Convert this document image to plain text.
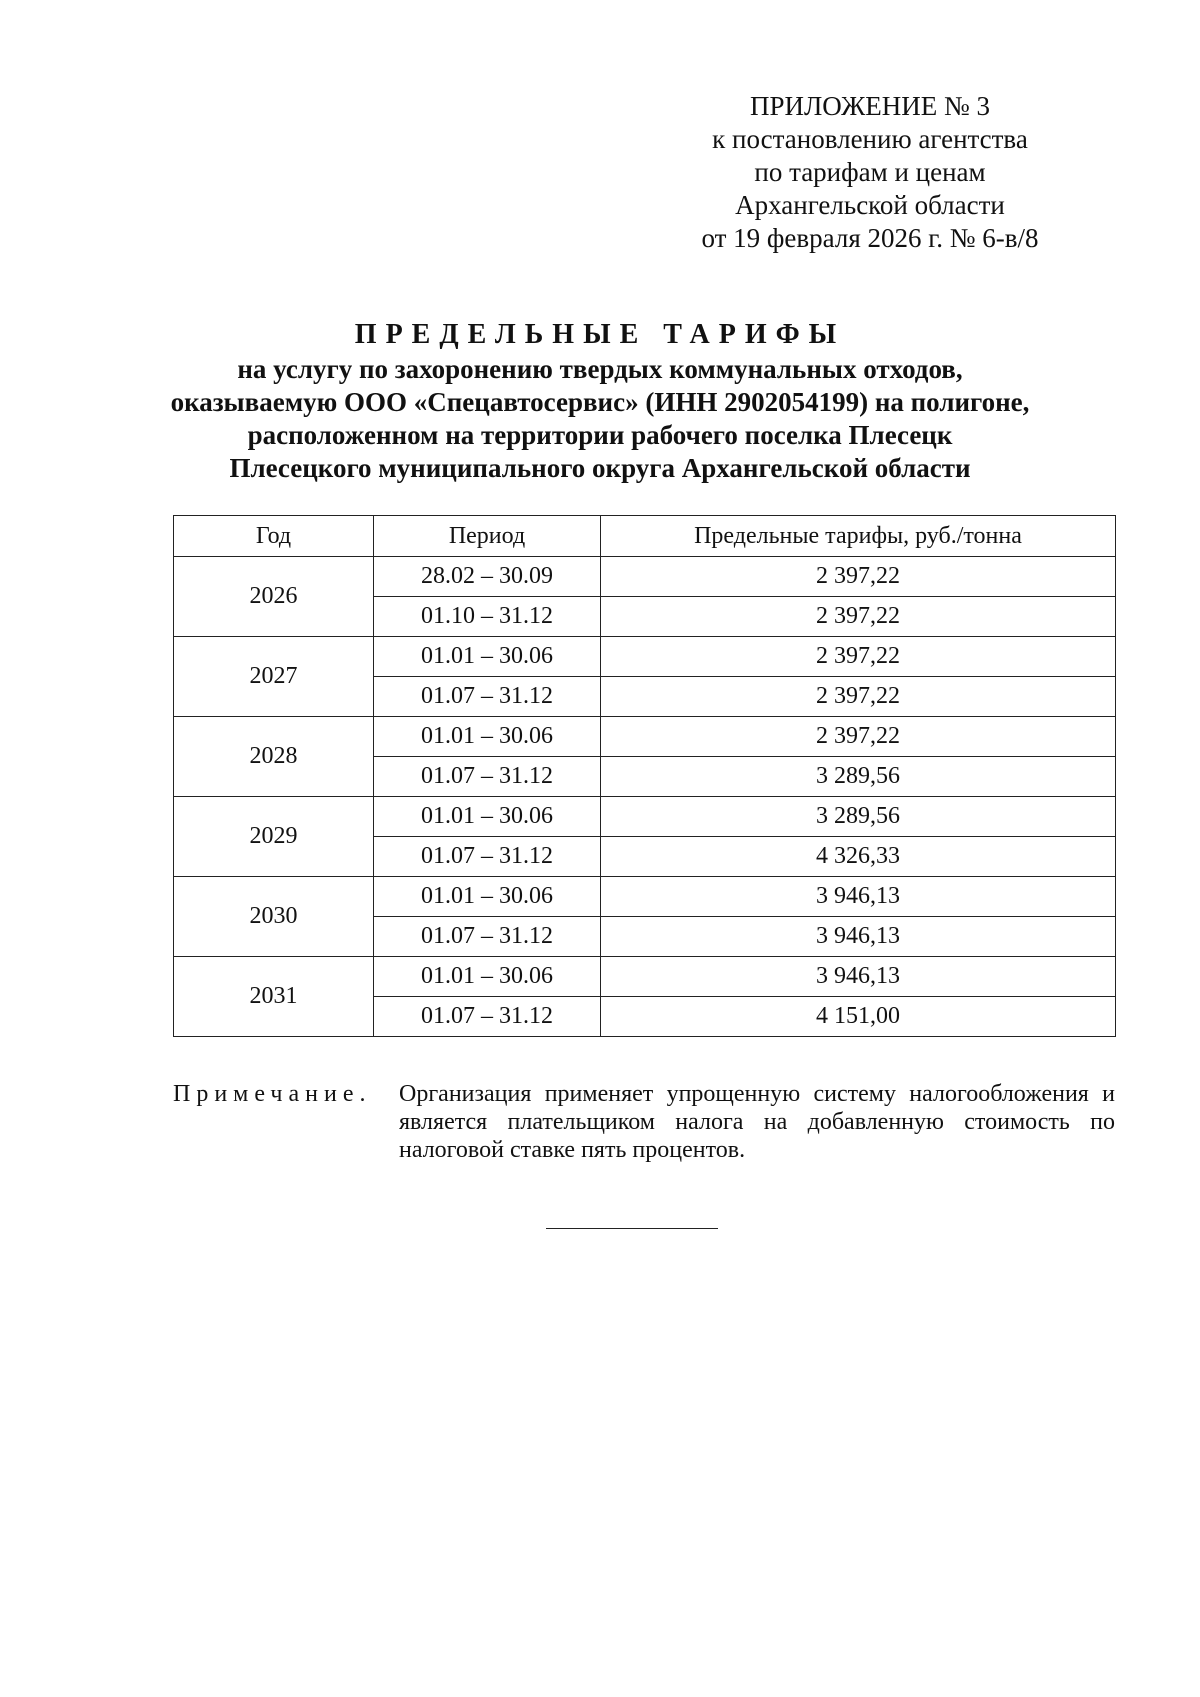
ПРИЛОЖЕНИЕ № 3
к постановлению агентства
по тарифам и ценам
Архангельской области
от 19 февраля 2026 г. № 6-в/8
ПРЕДЕЛЬНЫЕ ТАРИФЫ
на услугу по захоронению твердых коммунальных отходов,
оказываемую ООО «Спецавтосервис» (ИНН 2902054199) на полигоне,
расположенном на территории рабочего поселка Плесецк
Плесецкого муниципального округа Архангельской области
Год	Период	Предельные тарифы, руб./тонна
2026	28.02 – 30.09	2 397,22
	01.10 – 31.12	2 397,22
2027	01.01 – 30.06	2 397,22
	01.07 – 31.12	2 397,22
2028	01.01 – 30.06	2 397,22
	01.07 – 31.12	3 289,56
2029	01.01 – 30.06	3 289,56
	01.07 – 31.12	4 326,33
2030	01.01 – 30.06	3 946,13
	01.07 – 31.12	3 946,13
2031	01.01 – 30.06	3 946,13
	01.07 – 31.12	4 151,00
Примечание.	Организация применяет упрощенную систему налогообложения и является плательщиком налога на добавленную стоимость по налоговой ставке пять процентов.
